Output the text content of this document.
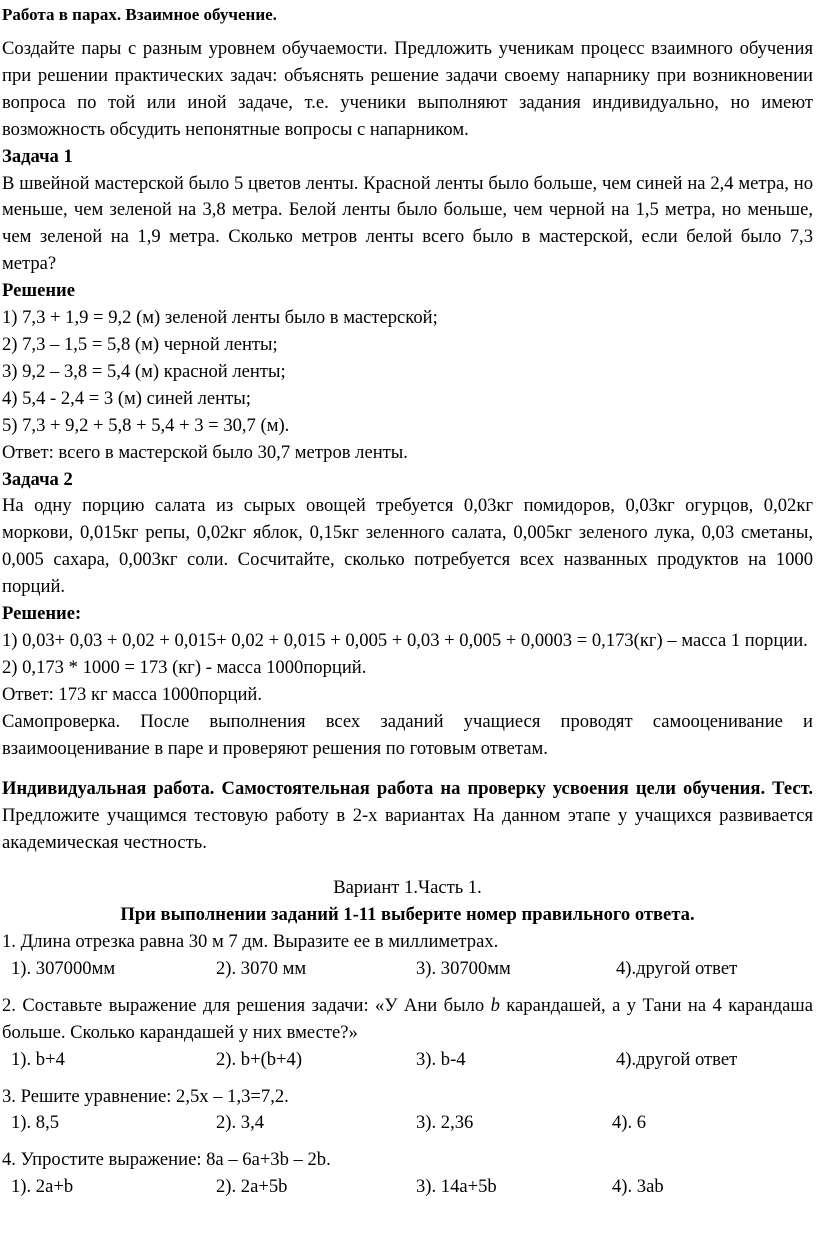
Работа в парах. Взаимное обучение.

Создайте пары с разным уровнем обучаемости. Предложить ученикам процесс взаимного обучения при решении практических задач: объяснять решение задачи своему напарнику при возникновении вопроса по той или иной задаче, т.е. ученики выполняют задания индивидуально, но имеют возможность обсудить непонятные вопросы с напарником.

Задача 1

В швейной мастерской было 5 цветов ленты. Красной ленты было больше, чем синей на 2,4 метра, но меньше, чем зеленой на 3,8 метра. Белой ленты было больше, чем черной на 1,5 метра, но меньше, чем зеленой на 1,9 метра. Сколько метров ленты всего было в мастерской, если белой было 7,3 метра?

Решение

1) 7,3 + 1,9 = 9,2 (м) зеленой ленты было в мастерской;

2) 7,3 – 1,5 = 5,8 (м) черной ленты;

3) 9,2 – 3,8 = 5,4 (м) красной ленты;

4) 5,4 - 2,4 = 3 (м) синей ленты;

5) 7,3 + 9,2 + 5,8 + 5,4 + 3 = 30,7 (м).

Ответ: всего в мастерской было 30,7 метров ленты.

Задача 2

На одну порцию салата из сырых овощей требуется 0,03кг помидоров, 0,03кг огурцов, 0,02кг моркови, 0,015кг репы, 0,02кг яблок, 0,15кг зеленного салата, 0,005кг зеленого лука, 0,03 сметаны, 0,005 сахара, 0,003кг соли. Сосчитайте, сколько потребуется всех названных продуктов на 1000 порций.

Решение:

1) 0,03+ 0,03 + 0,02 + 0,015+ 0,02 + 0,015 + 0,005 + 0,03 + 0,005 + 0,0003 = 0,173(кг) – масса 1 порции.

2) 0,173 * 1000 = 173 (кг) - масса 1000порций.

Ответ: 173 кг масса 1000порций.

Самопроверка. После выполнения всех заданий учащиеся проводят самооценивание и взаимооценивание в паре и проверяют решения по готовым ответам.

Индивидуальная работа. Самостоятельная работа на проверку усвоения цели обучения. Тест. Предложите учащимся тестовую работу в 2-х вариантах На данном этапе у учащихся развивается академическая честность.

Вариант 1.Часть 1.

При выполнении заданий 1-11 выберите номер правильного ответа.

1. Длина отрезка равна 30 м 7 дм. Выразите ее в миллиметрах.

1). 307000мм	2). 3070 мм	3). 30700мм	4).другой ответ

2. Составьте выражение для решения задачи: «У Ани было b карандашей, а у Тани на 4 карандаша больше. Сколько карандашей у них вместе?»

1). b+4	2). b+(b+4)	3). b-4	4).другой ответ

3. Решите уравнение: 2,5x – 1,3=7,2.

1). 8,5	2). 3,4	3). 2,36	4). 6

4. Упростите выражение: 8a – 6a+3b – 2b.

1). 2a+b	2). 2a+5b	3). 14a+5b	4). 3ab
